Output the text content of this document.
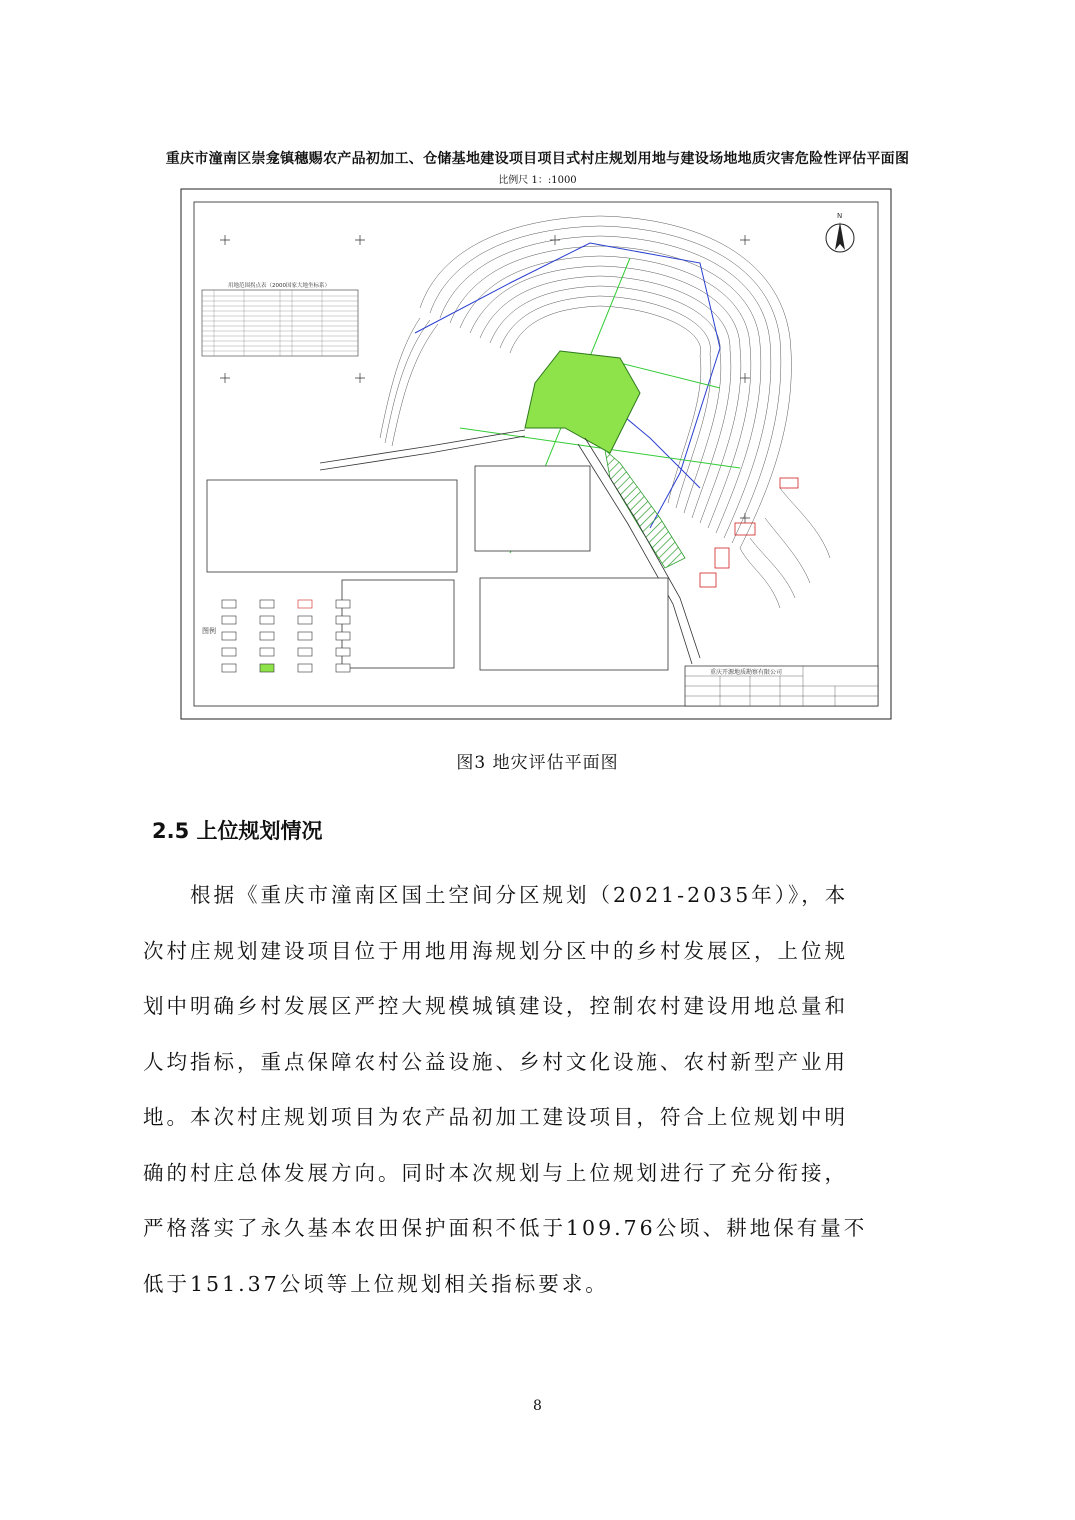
重庆市潼南区崇龛镇穗赐农产品初加工、仓储基地建设项目项目式村庄规划用地与建设场地地质灾害危险性评估平面图
比例尺 1：:1000
N
用地范围拐点表（2000国家大地坐标系）
图例
重庆开源地质勘察有限公司
图3 地灾评估平面图
2.5 上位规划情况
　　根据《重庆市潼南区国土空间分区规划（2021-2035年）》，本
次村庄规划建设项目位于用地用海规划分区中的乡村发展区，上位规
划中明确乡村发展区严控大规模城镇建设，控制农村建设用地总量和
人均指标，重点保障农村公益设施、乡村文化设施、农村新型产业用
地。本次村庄规划项目为农产品初加工建设项目，符合上位规划中明
确的村庄总体发展方向。同时本次规划与上位规划进行了充分衔接，
严格落实了永久基本农田保护面积不低于109.76公顷、耕地保有量不
低于151.37公顷等上位规划相关指标要求。
8
